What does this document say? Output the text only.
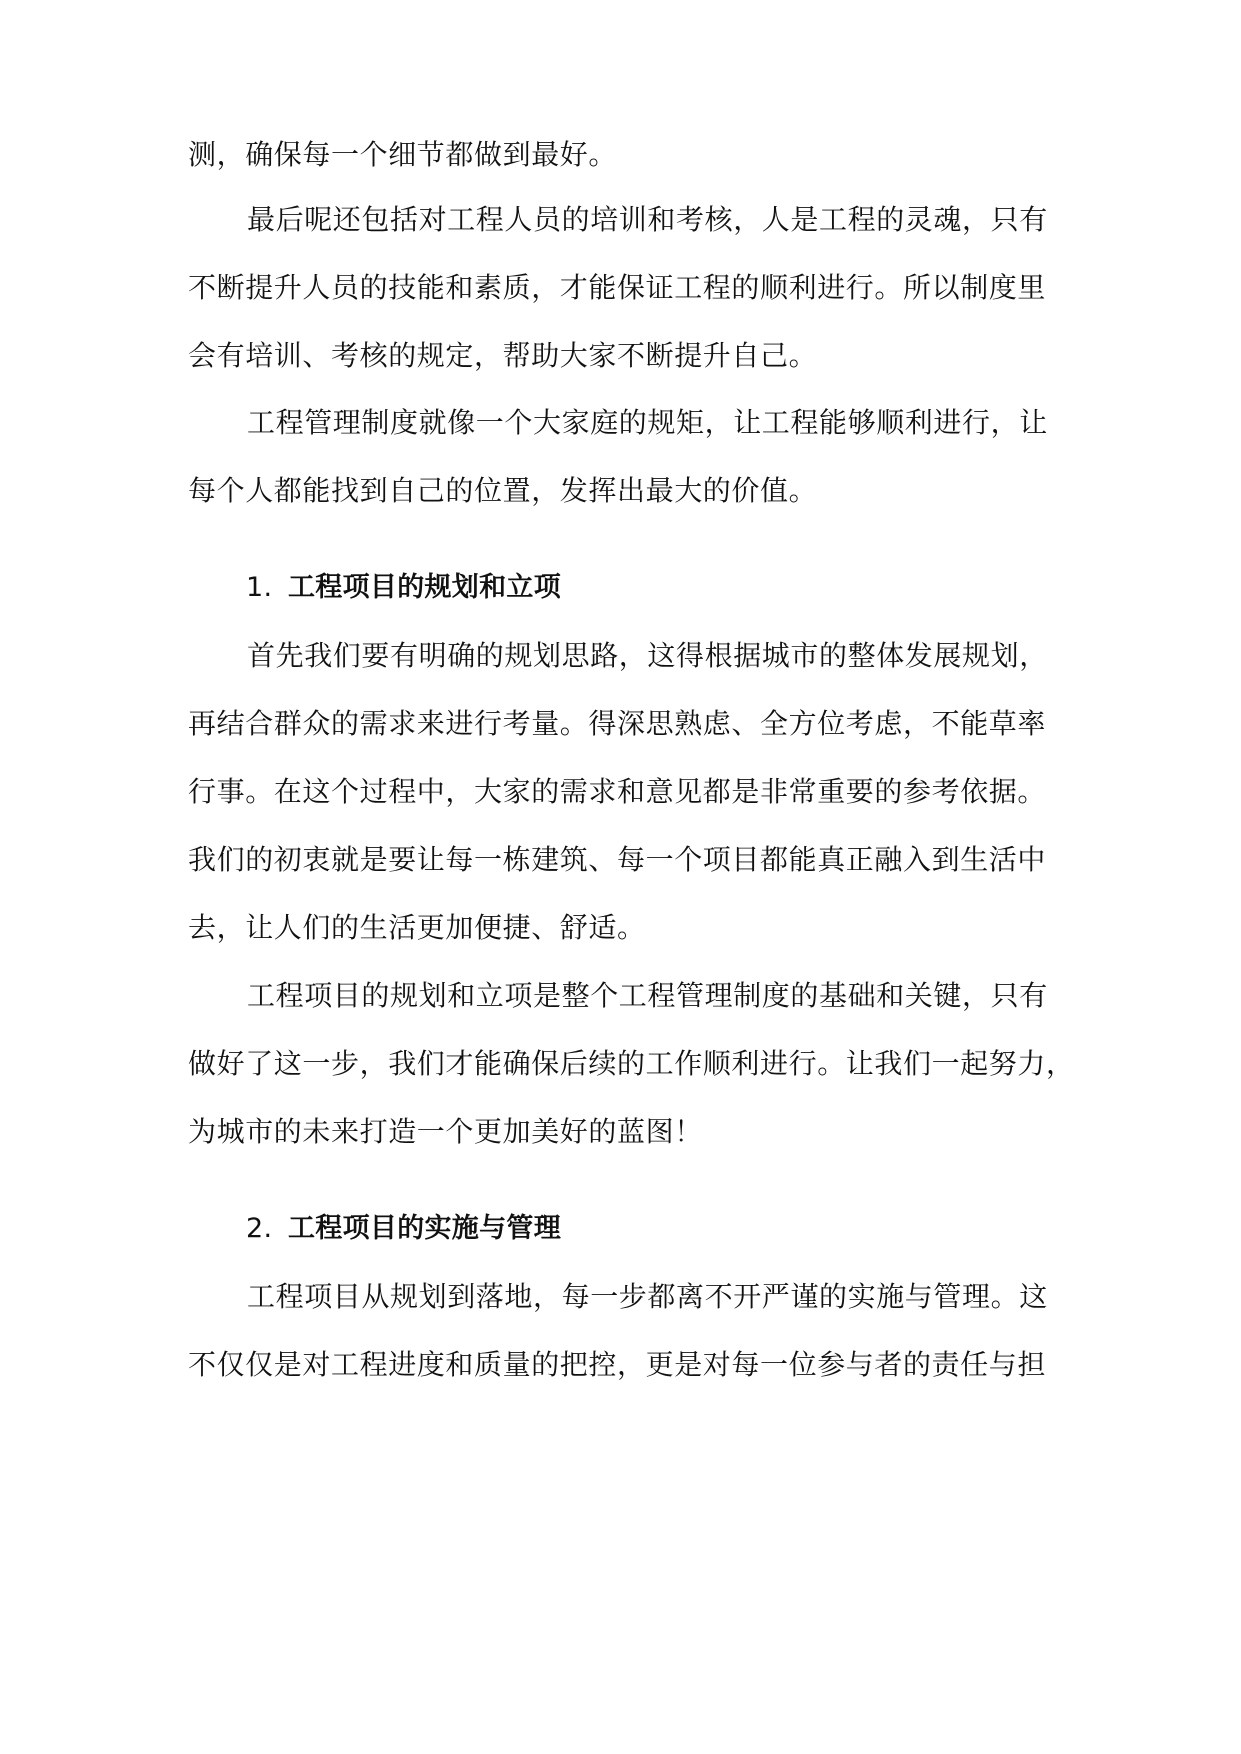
测，确保每一个细节都做到最好。
最后呢还包括对工程人员的培训和考核，人是工程的灵魂，只有
不断提升人员的技能和素质，才能保证工程的顺利进行。所以制度里
会有培训、考核的规定，帮助大家不断提升自己。
工程管理制度就像一个大家庭的规矩，让工程能够顺利进行，让
每个人都能找到自己的位置，发挥出最大的价值。
1. 工程项目的规划和立项
首先我们要有明确的规划思路，这得根据城市的整体发展规划，
再结合群众的需求来进行考量。得深思熟虑、全方位考虑，不能草率
行事。在这个过程中，大家的需求和意见都是非常重要的参考依据。
我们的初衷就是要让每一栋建筑、每一个项目都能真正融入到生活中
去，让人们的生活更加便捷、舒适。
工程项目的规划和立项是整个工程管理制度的基础和关键，只有
做好了这一步，我们才能确保后续的工作顺利进行。让我们一起努力，
为城市的未来打造一个更加美好的蓝图！
2. 工程项目的实施与管理
工程项目从规划到落地，每一步都离不开严谨的实施与管理。这
不仅仅是对工程进度和质量的把控，更是对每一位参与者的责任与担
